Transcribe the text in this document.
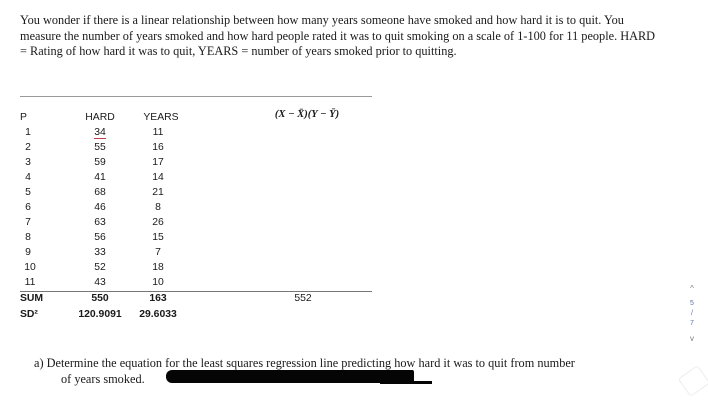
You wonder if there is a linear relationship between how many years someone have smoked and how hard it is to quit. You measure the number of years smoked and how hard people rated it was to quit smoking on a scale of 1-100 for 11 people. HARD = Rating of how hard it was to quit, YEARS = number of years smoked prior to quitting.

P	HARD	YEARS	(X − X̄)(Y − Ȳ)
1	34	11
2	55	16
3	59	17
4	41	14
5	68	21
6	46	8
7	63	26
8	56	15
9	33	7
10	52	18
11	43	10
SUM	550	163	552
SD²	120.9091	29.6033

a) Determine the equation for the least squares regression line predicting how hard it was to quit from number
of years smoked.

^
5
/
7
v
